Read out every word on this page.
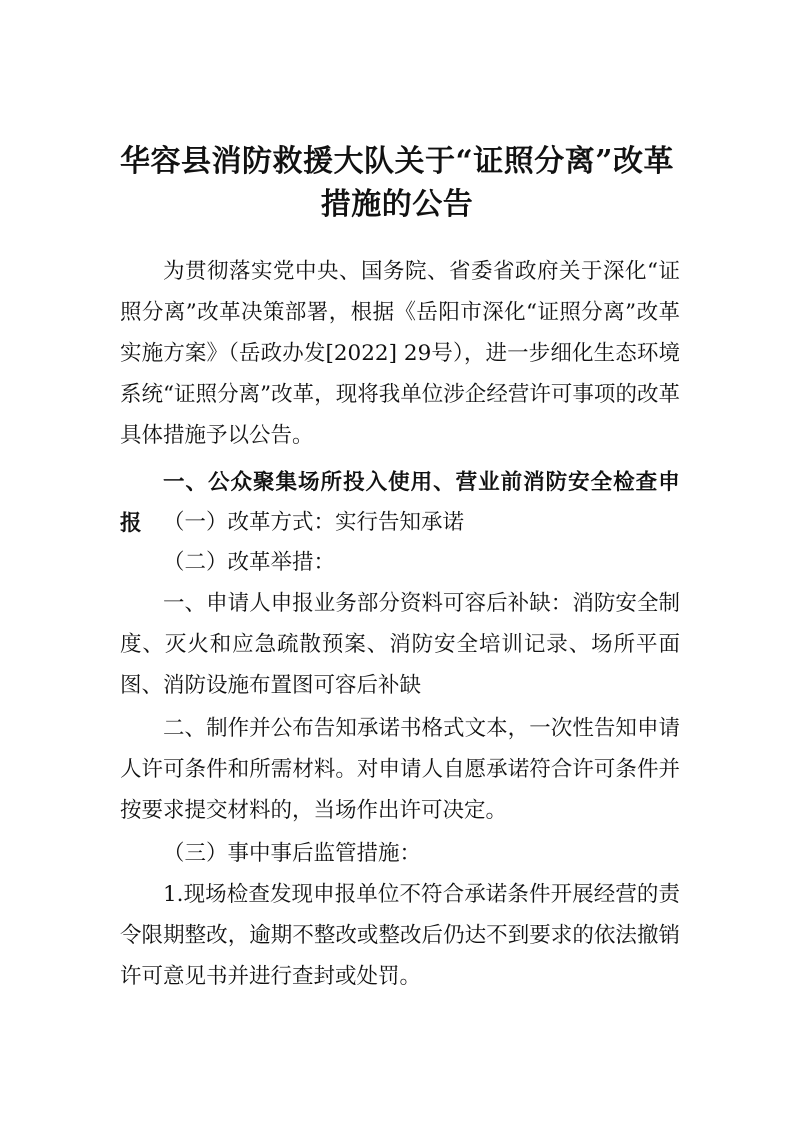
华容县消防救援大队关于“证照分离”改革
措施的公告

为贯彻落实党中央、国务院、省委省政府关于深化“证照分离”改革决策部署，根据《岳阳市深化“证照分离”改革实施方案》（岳政办发[2022] 29号），进一步细化生态环境系统“证照分离”改革，现将我单位涉企经营许可事项的改革具体措施予以公告。

一、公众聚集场所投入使用、营业前消防安全检查申报 （一）改革方式：实行告知承诺

（二）改革举措：

一、申请人申报业务部分资料可容后补缺：消防安全制度、灭火和应急疏散预案、消防安全培训记录、场所平面图、消防设施布置图可容后补缺

二、制作并公布告知承诺书格式文本，一次性告知申请人许可条件和所需材料。对申请人自愿承诺符合许可条件并按要求提交材料的，当场作出许可决定。

（三）事中事后监管措施：

1.现场检查发现申报单位不符合承诺条件开展经营的责令限期整改，逾期不整改或整改后仍达不到要求的依法撤销许可意见书并进行查封或处罚。
